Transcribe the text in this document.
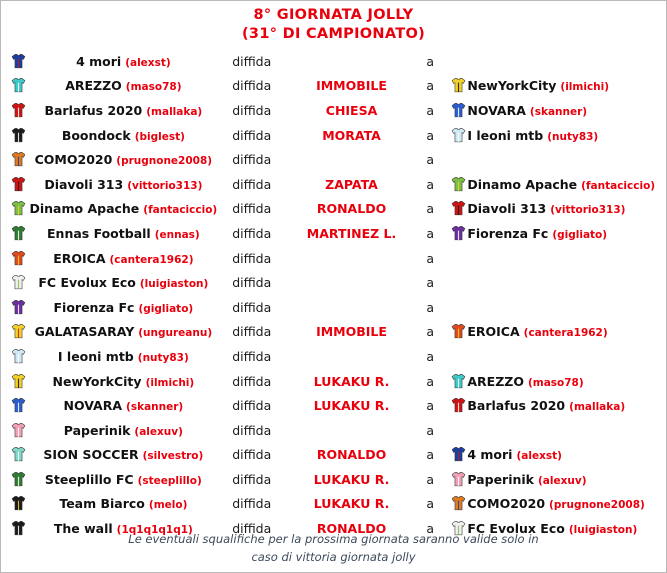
8° GIORNATA JOLLY
(31° DI CAMPIONATO)
	4 mori (alexst)	diffida		a		
	AREZZO (maso78)	diffida	IMMOBILE	a		NewYorkCity (ilmichi)
	Barlafus 2020 (mallaka)	diffida	CHIESA	a		NOVARA (skanner)
	Boondock (biglest)	diffida	MORATA	a		I leoni mtb (nuty83)
	COMO2020 (prugnone2008)	diffida		a		
	Diavoli 313 (vittorio313)	diffida	ZAPATA	a		Dinamo Apache (fantaciccio)
	Dinamo Apache (fantaciccio)	diffida	RONALDO	a		Diavoli 313 (vittorio313)
	Ennas Football (ennas)	diffida	MARTINEZ L.	a		Fiorenza Fc (gigliato)
	EROICA (cantera1962)	diffida		a		
	FC Evolux Eco (luigiaston)	diffida		a		
	Fiorenza Fc (gigliato)	diffida		a		
	GALATASARAY (ungureanu)	diffida	IMMOBILE	a		EROICA (cantera1962)
	I leoni mtb (nuty83)	diffida		a		
	NewYorkCity (ilmichi)	diffida	LUKAKU R.	a		AREZZO (maso78)
	NOVARA (skanner)	diffida	LUKAKU R.	a		Barlafus 2020 (mallaka)
	Paperinik (alexuv)	diffida		a		
	SION SOCCER (silvestro)	diffida	RONALDO	a		4 mori (alexst)
	Steeplillo FC (steeplillo)	diffida	LUKAKU R.	a		Paperinik (alexuv)
	Team Biarco (melo)	diffida	LUKAKU R.	a		COMO2020 (prugnone2008)
	The wall (1q1q1q1q1)	diffida	RONALDO	a		FC Evolux Eco (luigiaston)
Le eventuali squalifiche per la prossima giornata saranno valide solo in
caso di vittoria giornata jolly
